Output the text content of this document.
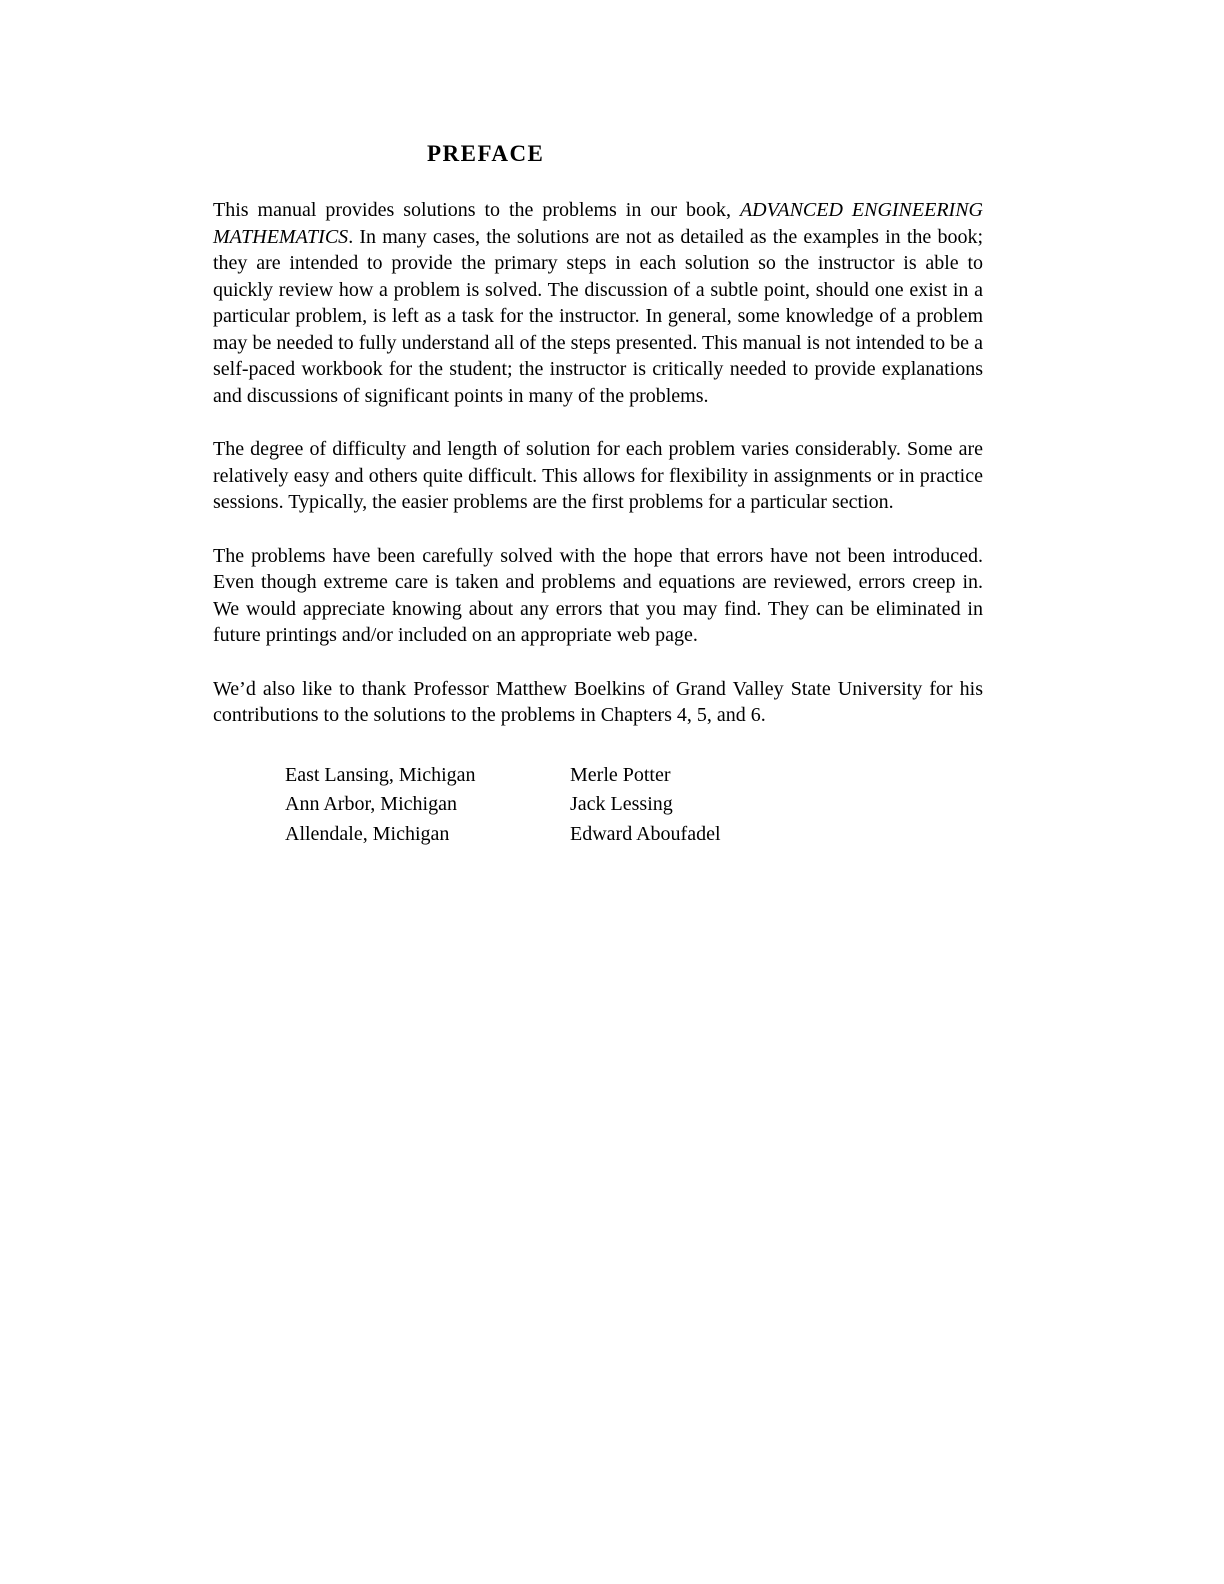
PREFACE

This manual provides solutions to the problems in our book, ADVANCED ENGINEERING MATHEMATICS. In many cases, the solutions are not as detailed as the examples in the book; they are intended to provide the primary steps in each solution so the instructor is able to quickly review how a problem is solved. The discussion of a subtle point, should one exist in a particular problem, is left as a task for the instructor. In general, some knowledge of a problem may be needed to fully understand all of the steps presented. This manual is not intended to be a self-paced workbook for the student; the instructor is critically needed to provide explanations and discussions of significant points in many of the problems.

The degree of difficulty and length of solution for each problem varies considerably. Some are relatively easy and others quite difficult. This allows for flexibility in assignments or in practice sessions. Typically, the easier problems are the first problems for a particular section.

The problems have been carefully solved with the hope that errors have not been introduced. Even though extreme care is taken and problems and equations are reviewed, errors creep in. We would appreciate knowing about any errors that you may find. They can be eliminated in future printings and/or included on an appropriate web page.

We’d also like to thank Professor Matthew Boelkins of Grand Valley State University for his contributions to the solutions to the problems in Chapters 4, 5, and 6.

East Lansing, Michigan	Merle Potter
Ann Arbor, Michigan	Jack Lessing
Allendale, Michigan	Edward Aboufadel
